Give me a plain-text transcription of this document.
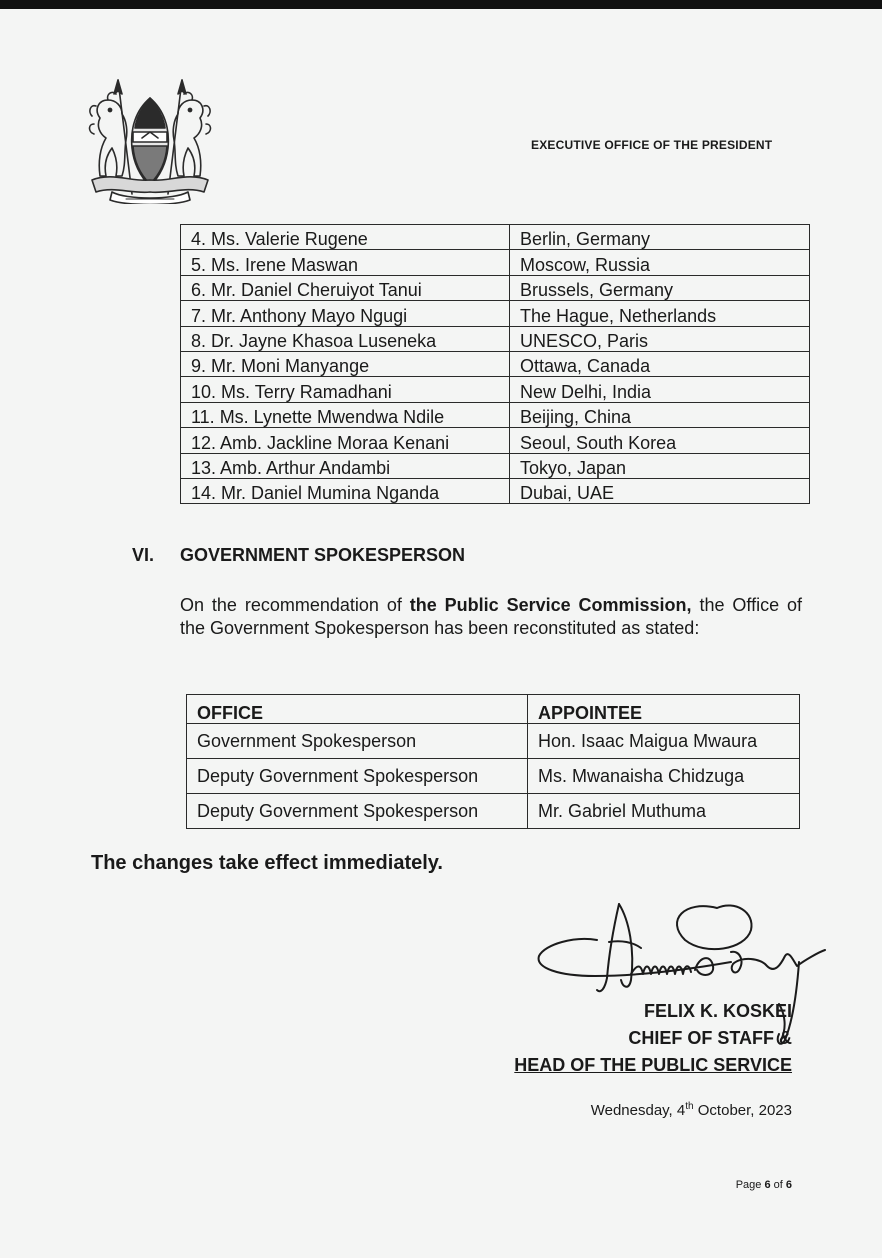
EXECUTIVE OFFICE OF THE PRESIDENT
4. Ms. Valerie Rugene	Berlin, Germany
5. Ms. Irene Maswan	Moscow, Russia
6. Mr. Daniel Cheruiyot Tanui	Brussels, Germany
7. Mr. Anthony Mayo Ngugi	The Hague, Netherlands
8. Dr. Jayne Khasoa Luseneka	UNESCO, Paris
9. Mr. Moni Manyange	Ottawa, Canada
10. Ms. Terry Ramadhani	New Delhi, India
11. Ms. Lynette Mwendwa Ndile	Beijing, China
12. Amb. Jackline Moraa Kenani	Seoul, South Korea
13. Amb. Arthur Andambi	Tokyo, Japan
14. Mr. Daniel Mumina Nganda	Dubai, UAE
VI. GOVERNMENT SPOKESPERSON
On the recommendation of the Public Service Commission, the Office of the Government Spokesperson has been reconstituted as stated:
OFFICE	APPOINTEE
Government Spokesperson	Hon. Isaac Maigua Mwaura
Deputy Government Spokesperson	Ms. Mwanaisha Chidzuga
Deputy Government Spokesperson	Mr. Gabriel Muthuma
The changes take effect immediately.
FELIX K. KOSKEI
CHIEF OF STAFF &
HEAD OF THE PUBLIC SERVICE
Wednesday, 4th October, 2023
Page 6 of 6
